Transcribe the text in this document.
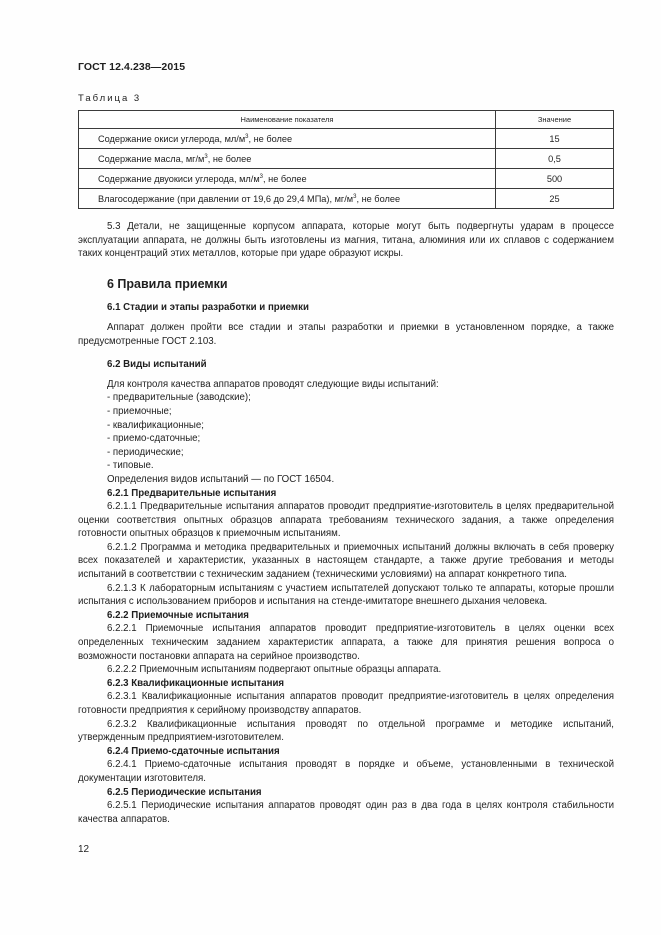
ГОСТ 12.4.238—2015
Таблица 3
Наименование показателя	Значение
Содержание окиси углерода, $мл/м^3$, не более	15
Содержание масла, $мг/м^3$, не более	0,5
Содержание двуокиси углерода, $мл/м^3$, не более	500
Влагосодержание (при давлении от 19,6 до 29,4 МПа), $мг/м^3$, не более	25

5.3 Детали, не защищенные корпусом аппарата, которые могут быть подвергнуты ударам в процессе эксплуатации аппарата, не должны быть изготовлены из магния, титана, алюминия или их сплавов с содержанием таких концентраций этих металлов, которые при ударе образуют искры.

6 Правила приемки
6.1 Стадии и этапы разработки и приемки

Аппарат должен пройти все стадии и этапы разработки и приемки в установленном порядке, а также предусмотренные ГОСТ 2.103.

6.2 Виды испытаний

Для контроля качества аппаратов проводят следующие виды испытаний:

- предварительные (заводские);

- приемочные;

- квалификационные;

- приемо-сдаточные;

- периодические;

- типовые.

Определения видов испытаний — по ГОСТ 16504.

6.2.1 Предварительные испытания

6.2.1.1 Предварительные испытания аппаратов проводит предприятие-изготовитель в целях предварительной оценки соответствия опытных образцов аппарата требованиям технического задания, а также определения готовности опытных образцов к приемочным испытаниям.

6.2.1.2 Программа и методика предварительных и приемочных испытаний должны включать в себя проверку всех показателей и характеристик, указанных в настоящем стандарте, а также другие требования и методы испытаний в соответствии с техническим заданием (техническими условиями) на аппарат конкретного типа.

6.2.1.3 К лабораторным испытаниям с участием испытателей допускают только те аппараты, которые прошли испытания с использованием приборов и испытания на стенде-имитаторе внешнего дыхания человека.

6.2.2 Приемочные испытания

6.2.2.1 Приемочные испытания аппаратов проводит предприятие-изготовитель в целях оценки всех определенных техническим заданием характеристик аппарата, а также для принятия решения вопроса о возможности постановки аппарата на серийное производство.

6.2.2.2 Приемочным испытаниям подвергают опытные образцы аппарата.

6.2.3 Квалификационные испытания

6.2.3.1 Квалификационные испытания аппаратов проводит предприятие-изготовитель в целях определения готовности предприятия к серийному производству аппаратов.

6.2.3.2 Квалификационные испытания проводят по отдельной программе и методике испытаний, утвержденным предприятием-изготовителем.

6.2.4 Приемо-сдаточные испытания

6.2.4.1 Приемо-сдаточные испытания проводят в порядке и объеме, установленными в технической документации изготовителя.

6.2.5 Периодические испытания

6.2.5.1 Периодические испытания аппаратов проводят один раз в два года в целях контроля стабильности качества аппаратов.

12
